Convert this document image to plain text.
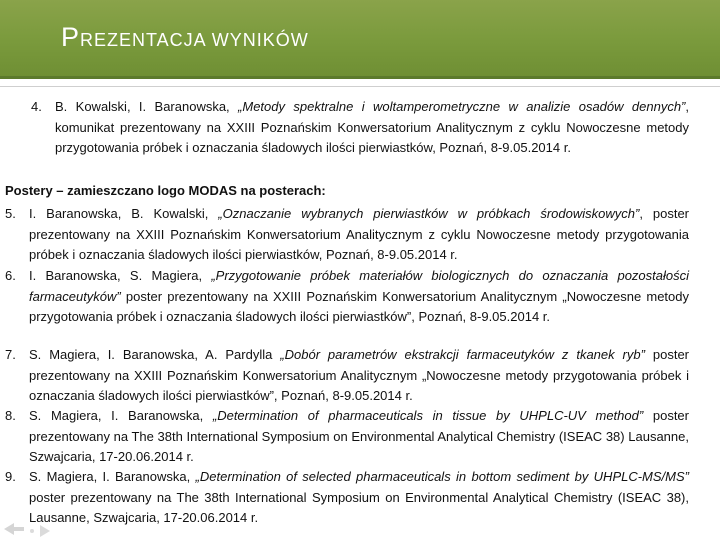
PREZENTACJA WYNIKÓW
4.	B. Kowalski, I. Baranowska, „Metody spektralne i woltamperometryczne w analizie osadów dennych”, komunikat prezentowany na XXIII Poznańskim Konwersatorium Analitycznym z cyklu Nowoczesne metody przygotowania próbek i oznaczania śladowych ilości pierwiastków, Poznań, 8-9.05.2014 r.
Postery – zamieszczano logo MODAS na posterach:
5.	I. Baranowska, B. Kowalski, „Oznaczanie wybranych pierwiastków w próbkach środowiskowych”, poster prezentowany na XXIII Poznańskim Konwersatorium Analitycznym z cyklu Nowoczesne metody przygotowania próbek i oznaczania śladowych ilości pierwiastków, Poznań, 8-9.05.2014 r.
6.	I. Baranowska, S. Magiera, „Przygotowanie próbek materiałów biologicznych do oznaczania pozostałości farmaceutyków” poster prezentowany na XXIII Poznańskim Konwersatorium Analitycznym „Nowoczesne metody przygotowania próbek i oznaczania śladowych ilości pierwiastków”, Poznań, 8-9.05.2014 r.
7.	S. Magiera, I. Baranowska, A. Pardylla „Dobór parametrów ekstrakcji farmaceutyków z tkanek ryb” poster prezentowany na XXIII Poznańskim Konwersatorium Analitycznym „Nowoczesne metody przygotowania próbek i oznaczania śladowych ilości pierwiastków”, Poznań, 8-9.05.2014 r.
8.	S. Magiera, I. Baranowska, „Determination of pharmaceuticals in tissue by UHPLC-UV method” poster prezentowany na The 38th International Symposium on Environmental Analytical Chemistry (ISEAC 38) Lausanne, Szwajcaria, 17-20.06.2014 r.
9.	S. Magiera, I. Baranowska, „Determination of selected pharmaceuticals in bottom sediment by UHPLC-MS/MS” poster prezentowany na The 38th International Symposium on Environmental Analytical Chemistry (ISEAC 38), Lausanne, Szwajcaria, 17-20.06.2014 r.
